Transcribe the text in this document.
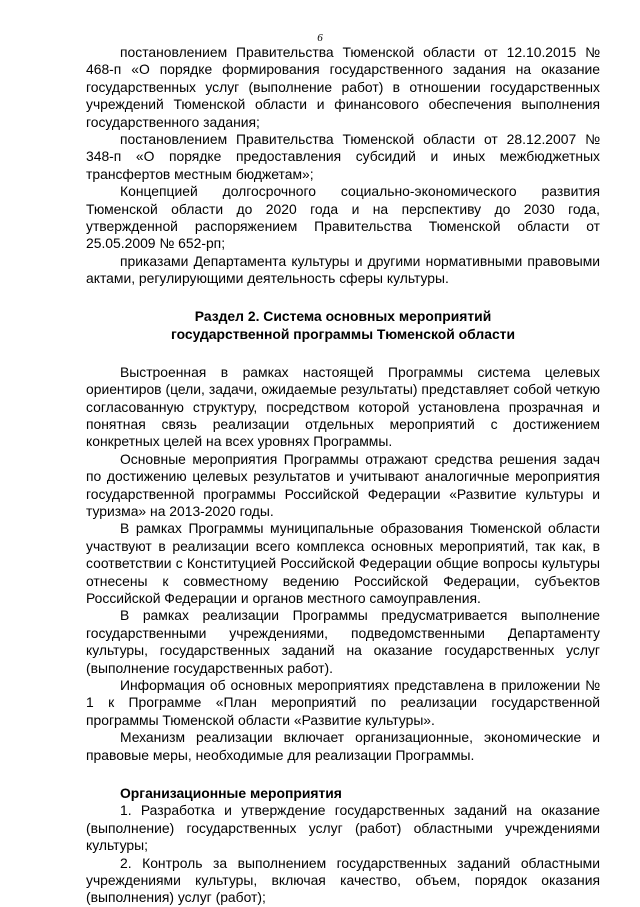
6

постановлением Правительства Тюменской области от 12.10.2015 № 468-п «О порядке формирования государственного задания на оказание государственных услуг (выполнение работ) в отношении государственных учреждений Тюменской области и финансового обеспечения выполнения государственного задания;

постановлением Правительства Тюменской области от 28.12.2007 № 348-п «О порядке предоставления субсидий и иных межбюджетных трансфертов местным бюджетам»;

Концепцией долгосрочного социально-экономического развития Тюменской области до 2020 года и на перспективу до 2030 года, утвержденной распоряжением Правительства Тюменской области от 25.05.2009 № 652-рп;

приказами Департамента культуры и другими нормативными правовыми актами, регулирующими деятельность сферы культуры.

Раздел 2. Система основных мероприятий
государственной программы Тюменской области

Выстроенная в рамках настоящей Программы система целевых ориентиров (цели, задачи, ожидаемые результаты) представляет собой четкую согласованную структуру, посредством которой установлена прозрачная и понятная связь реализации отдельных мероприятий с достижением конкретных целей на всех уровнях Программы.

Основные мероприятия Программы отражают средства решения задач по достижению целевых результатов и учитывают аналогичные мероприятия государственной программы Российской Федерации «Развитие культуры и туризма» на 2013-2020 годы.

В рамках Программы муниципальные образования Тюменской области участвуют в реализации всего комплекса основных мероприятий, так как, в соответствии с Конституцией Российской Федерации общие вопросы культуры отнесены к совместному ведению Российской Федерации, субъектов Российской Федерации и органов местного самоуправления.

В рамках реализации Программы предусматривается выполнение государственными учреждениями, подведомственными Департаменту культуры, государственных заданий на оказание государственных услуг (выполнение государственных работ).

Информация об основных мероприятиях представлена в приложении № 1 к Программе «План мероприятий по реализации государственной программы Тюменской области «Развитие культуры».

Механизм реализации включает организационные, экономические и правовые меры, необходимые для реализации Программы.

Организационные мероприятия

1. Разработка и утверждение государственных заданий на оказание (выполнение) государственных услуг (работ) областными учреждениями культуры;

2. Контроль за выполнением государственных заданий областными учреждениями культуры, включая качество, объем, порядок оказания (выполнения) услуг (работ);
